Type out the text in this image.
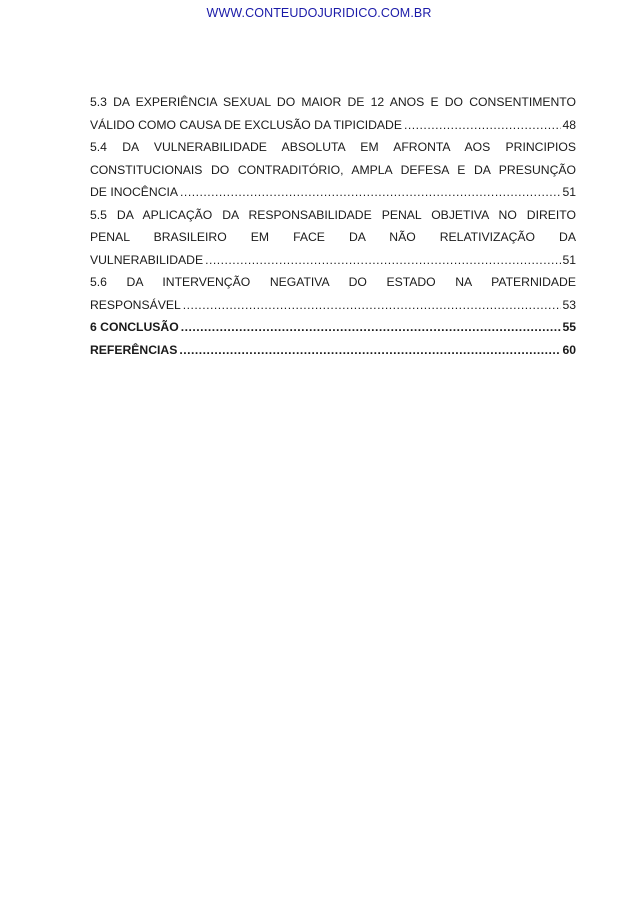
WWW.CONTEUDOJURIDICO.COM.BR
5.3 DA EXPERIÊNCIA SEXUAL DO MAIOR DE 12 ANOS E DO CONSENTIMENTO
VÁLIDO COMO CAUSA DE EXCLUSÃO DA TIPICIDADE .....	48
5.4 DA VULNERABILIDADE ABSOLUTA EM AFRONTA AOS PRINCIPIOS
CONSTITUCIONAIS DO CONTRADITÓRIO, AMPLA DEFESA E DA PRESUNÇÃO
DE INOCÊNCIA .....	51
5.5 DA APLICAÇÃO DA RESPONSABILIDADE PENAL OBJETIVA NO DIREITO
PENAL BRASILEIRO EM FACE DA NÃO RELATIVIZAÇÃO DA
VULNERABILIDADE .....	51
5.6 DA INTERVENÇÃO NEGATIVA DO ESTADO NA PATERNIDADE
RESPONSÁVEL .....	53
6 CONCLUSÃO .....	55
REFERÊNCIAS .....	60
